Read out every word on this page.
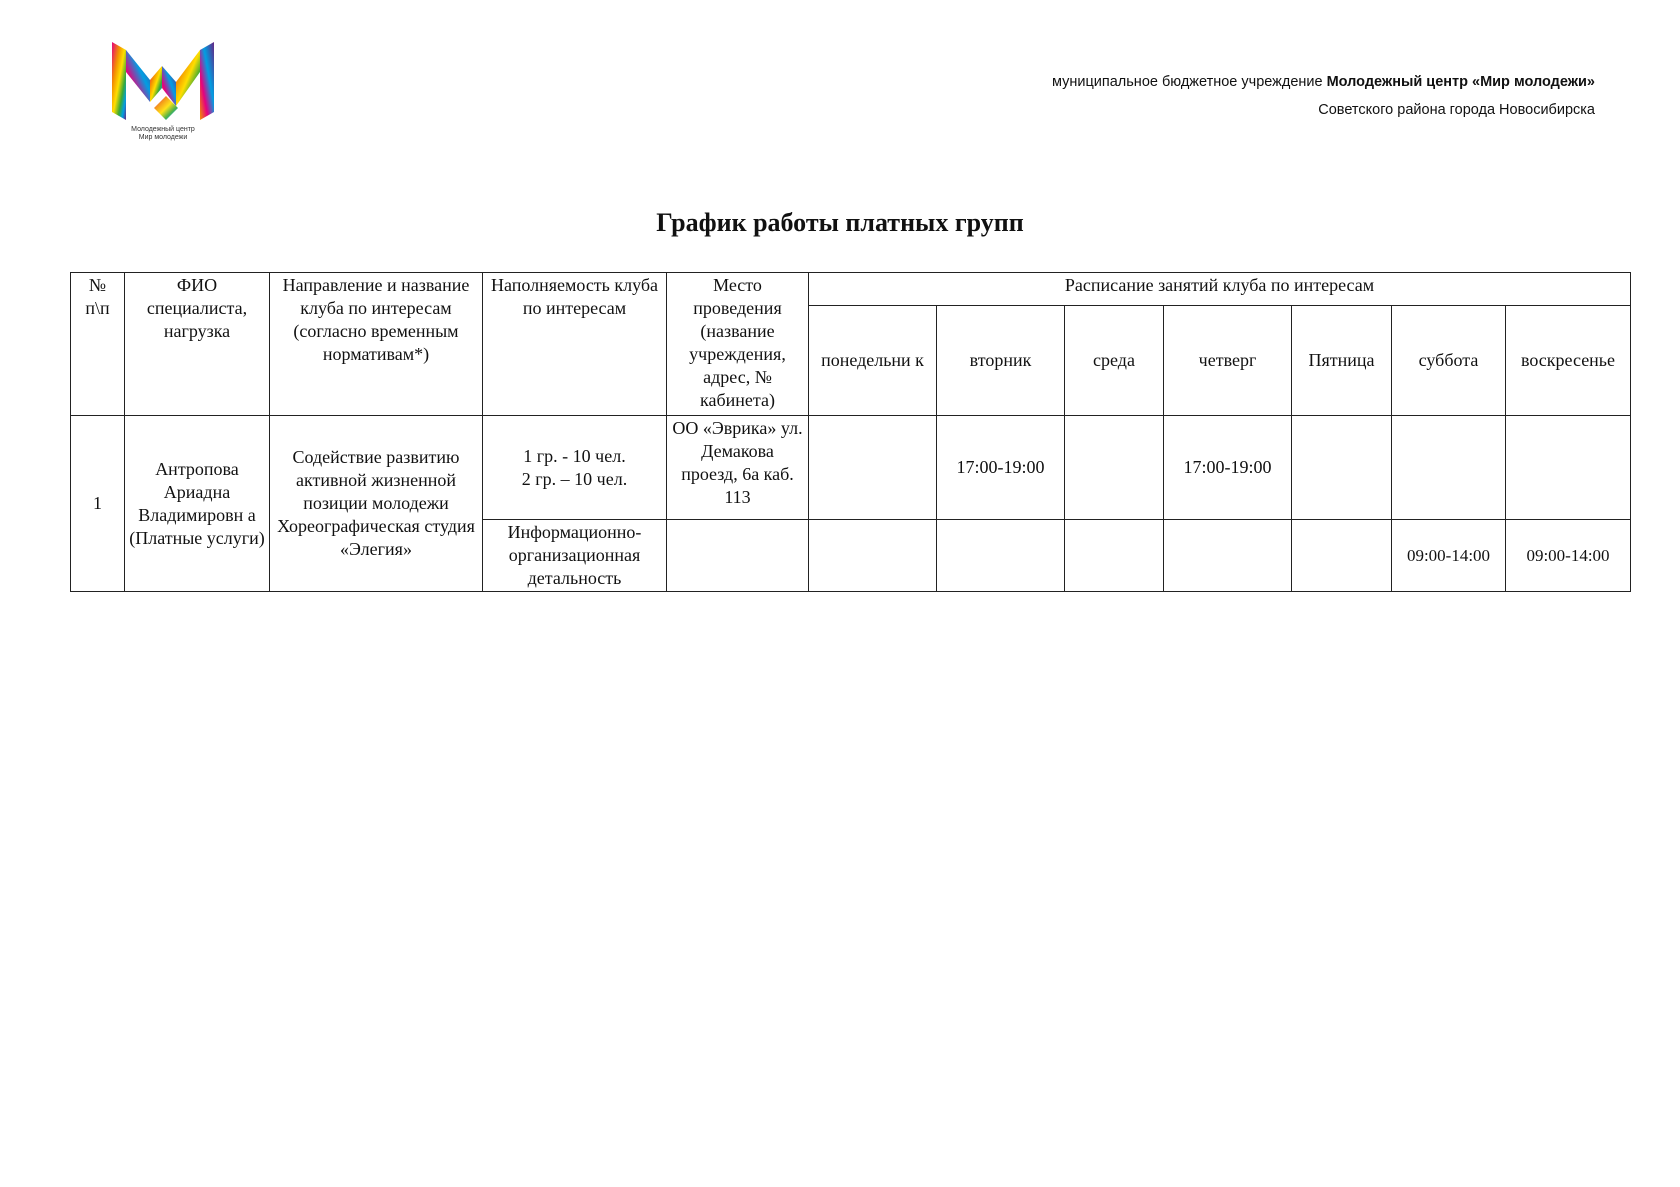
Молодежный центр
Мир молодежи
муниципальное бюджетное учреждение Молодежный центр «Мир молодежи»
Советского района города Новосибирска
График работы платных групп
№ п\п	ФИО специалиста, нагрузка	Направление и название клуба по интересам (согласно временным нормативам*)	Наполняемость клуба по интересам	Место проведения (название учреждения, адрес, № кабинета)	Расписание занятий клуба по интересам						
					понедельни к	вторник	среда	четверг	Пятница	суббота	воскресенье
1	Антропова Ариадна Владимировн а (Платные услуги)	Содействие развитию активной жизненной позиции молодежи Хореографическая студия «Элегия»	1 гр. - 10 чел.
2 гр. – 10 чел.	ОО «Эврика» ул. Демакова проезд, 6а каб. 113		17:00-19:00		17:00-19:00			
			Информационно-организационная детальность							09:00-14:00	09:00-14:00
